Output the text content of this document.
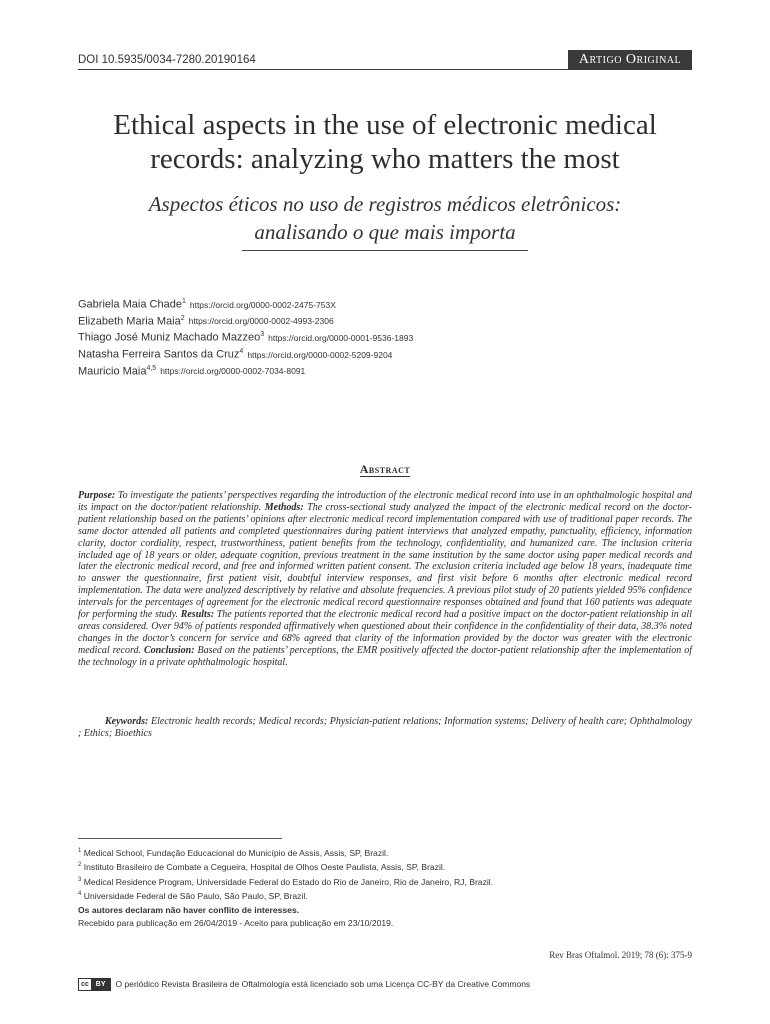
DOI 10.5935/0034-7280.20190164	Artigo Original
Ethical aspects in the use of electronic medical
records: analyzing who matters the most
Aspectos éticos no uso de registros médicos eletrônicos:
analisando o que mais importa
Gabriela Maia Chade$^1$ https://orcid.org/0000-0002-2475-753X
Elizabeth Maria Maia$^2$ https://orcid.org/0000-0002-4993-2306
Thiago José Muniz Machado Mazzeo$^3$ https://orcid.org/0000-0001-9536-1893
Natasha Ferreira Santos da Cruz$^4$ https://orcid.org/0000-0002-5209-9204
Mauricio Maia$^{4,5}$ https://orcid.org/0000-0002-7034-8091
Abstract
Purpose: To investigate the patients’ perspectives regarding the introduction of the electronic medical record into use in an ophthalmologic hospital and its impact on the doctor/patient relationship. Methods: The cross-sectional study analyzed the impact of the electronic medical record on the doctor-patient relationship based on the patients’ opinions after electronic medical record implementation compared with use of traditional paper records. The same doctor attended all patients and completed questionnaires during patient interviews that analyzed empathy, punctuality, efficiency, information clarity, doctor cordiality, respect, trustworthiness, patient benefits from the technology, confidentiality, and humanized care. The inclusion criteria included age of 18 years or older, adequate cognition, previous treatment in the same institution by the same doctor using paper medical records and later the electronic medical record, and free and informed written patient consent. The exclusion criteria included age below 18 years, inadequate time to answer the questionnaire, first patient visit, doubtful interview responses, and first visit before 6 months after electronic medical record implementation. The data were analyzed descriptively by relative and absolute frequencies. A previous pilot study of 20 patients yielded 95% confidence intervals for the percentages of agreement for the electronic medical record questionnaire responses obtained and found that 160 patients was adequate for performing the study. Results: The patients reported that the electronic medical record had a positive impact on the doctor-patient relationship in all areas considered. Over 94% of patients responded affirmatively when questioned about their confidence in the confidentiality of their data, 38.3% noted changes in the doctor’s concern for service and 68% agreed that clarity of the information provided by the doctor was greater with the electronic medical record. Conclusion: Based on the patients’ perceptions, the EMR positively affected the doctor-patient relationship after the implementation of the technology in a private ophthalmologic hospital.
Keywords: Electronic health records; Medical records; Physician-patient relations; Information systems; Delivery of health care; Ophthalmology ; Ethics; Bioethics
$^1$ Medical School, Fundação Educacional do Município de Assis, Assis, SP, Brazil.
$^2$ Instituto Brasileiro de Combate a Cegueira, Hospital de Olhos Oeste Paulista, Assis, SP, Brazil.
$^3$ Medical Residence Program, Universidade Federal do Estado do Rio de Janeiro, Rio de Janeiro, RJ, Brazil.
$^4$ Universidade Federal de São Paulo, São Paulo, SP, Brazil.
Os autores declaram não haver conflito de interesses.
Recebido para publicação em 26/04/2019 - Aceito para publicação em 23/10/2019.
Rev Bras Oftalmol. 2019; 78 (6): 375-9
cc	BY	O periódico Revista Brasileira de Oftalmologia está licenciado sob uma Licença CC-BY da Creative Commons
